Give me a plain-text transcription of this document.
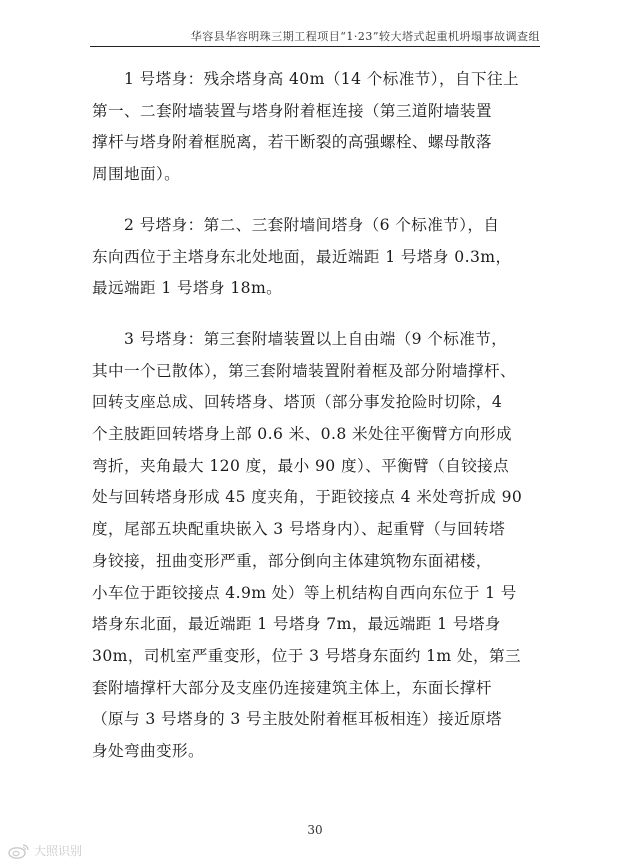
华容县华容明珠三期工程项目“1·23”较大塔式起重机坍塌事故调查组

1 号塔身：残余塔身高 40m（14 个标准节），自下往上
第一、二套附墙装置与塔身附着框连接（第三道附墙装置
撑杆与塔身附着框脱离，若干断裂的高强螺栓、螺母散落
周围地面）。

2 号塔身：第二、三套附墙间塔身（6 个标准节），自
东向西位于主塔身东北处地面，最近端距 1 号塔身 0.3m，
最远端距 1 号塔身 18m。

3 号塔身：第三套附墙装置以上自由端（9 个标准节，
其中一个已散体），第三套附墙装置附着框及部分附墙撑杆、
回转支座总成、回转塔身、塔顶（部分事发抢险时切除，4
个主肢距回转塔身上部 0.6 米、0.8 米处往平衡臂方向形成
弯折，夹角最大 120 度，最小 90 度）、平衡臂（自铰接点
处与回转塔身形成 45 度夹角，于距铰接点 4 米处弯折成 90
度，尾部五块配重块嵌入 3 号塔身内）、起重臂（与回转塔
身铰接，扭曲变形严重，部分倒向主体建筑物东面裙楼，
小车位于距铰接点 4.9m 处）等上机结构自西向东位于 1 号
塔身东北面，最近端距 1 号塔身 7m，最远端距 1 号塔身
30m，司机室严重变形，位于 3 号塔身东面约 1m 处，第三
套附墙撑杆大部分及支座仍连接建筑主体上，东面长撑杆
（原与 3 号塔身的 3 号主肢处附着框耳板相连）接近原塔
身处弯曲变形。

30
大照识别
